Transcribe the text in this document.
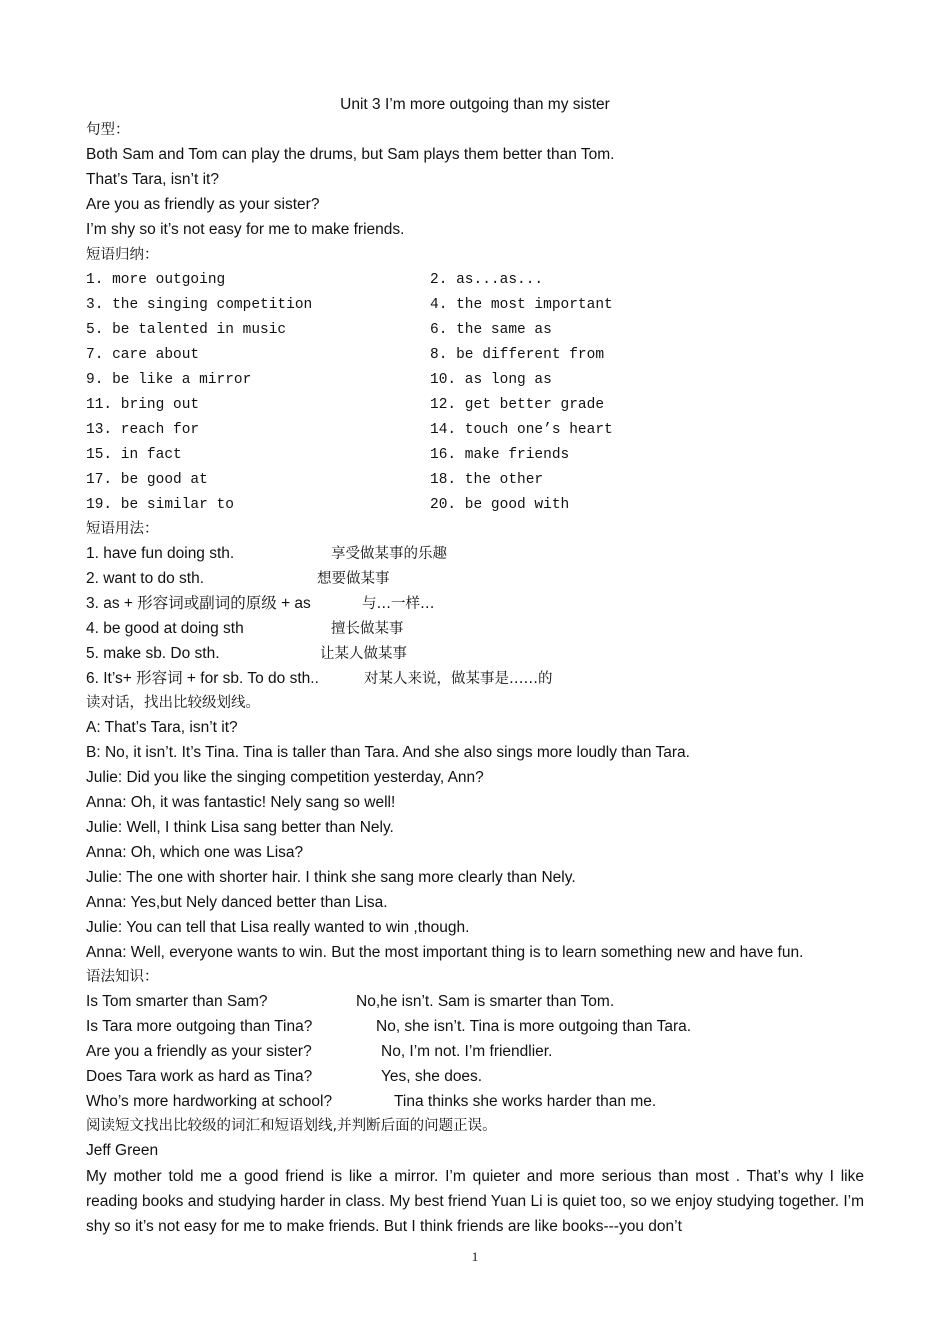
Unit 3 I’m more outgoing than my sister
句型：
Both Sam and Tom can play the drums, but Sam plays them better than Tom.
That’s Tara, isn’t it?
Are you as friendly as your sister?
I’m shy so it’s not easy for me to make friends.
短语归纳：
1. more outgoing	2. as...as...
3. the singing competition	4. the most important
5. be talented in music	6. the same as
7. care about	8. be different from
9. be like a mirror	10. as long as
11. bring out	12. get better grade
13. reach for	14. touch one’s heart
15. in fact	16. make friends
17. be good at	18. the other
19. be similar to	20. be good with
短语用法：
1. have fun doing sth.	享受做某事的乐趣
2. want to do sth.	想要做某事
3. as + 形容词或副词的原级 + as	与…一样…
4. be good at doing sth	擅长做某事
5. make sb. Do sth.	让某人做某事
6. It’s+ 形容词 + for sb. To do sth..	对某人来说，做某事是……的
读对话，找出比较级划线。
A: That’s Tara, isn’t it?
B: No, it isn’t. It’s Tina. Tina is taller than Tara. And she also sings more loudly than Tara.
Julie: Did you like the singing competition yesterday, Ann?
Anna: Oh, it was fantastic! Nely sang so well!
Julie: Well, I think Lisa sang better than Nely.
Anna: Oh, which one was Lisa?
Julie: The one with shorter hair. I think she sang more clearly than Nely.
Anna: Yes,but Nely danced better than Lisa.
Julie: You can tell that Lisa really wanted to win ,though.
Anna: Well, everyone wants to win. But the most important thing is to learn something new and have fun.
语法知识：
Is Tom smarter than Sam?	No,he isn’t. Sam is smarter than Tom.
Is Tara more outgoing than Tina?	No, she isn’t. Tina is more outgoing than Tara.
Are you a friendly as your sister?	No, I’m not. I’m friendlier.
Does Tara work as hard as Tina?	Yes, she does.
Who’s more hardworking at school?	Tina thinks she works harder than me.
阅读短文找出比较级的词汇和短语划线,并判断后面的问题正误。
Jeff Green
My mother told me a good friend is like a mirror. I’m quieter and more serious than most . That’s why I like reading books and studying harder in class. My best friend Yuan Li is quiet too, so we enjoy studying together. I’m shy so it’s not easy for me to make friends. But I think friends are like books---you don’t
1
